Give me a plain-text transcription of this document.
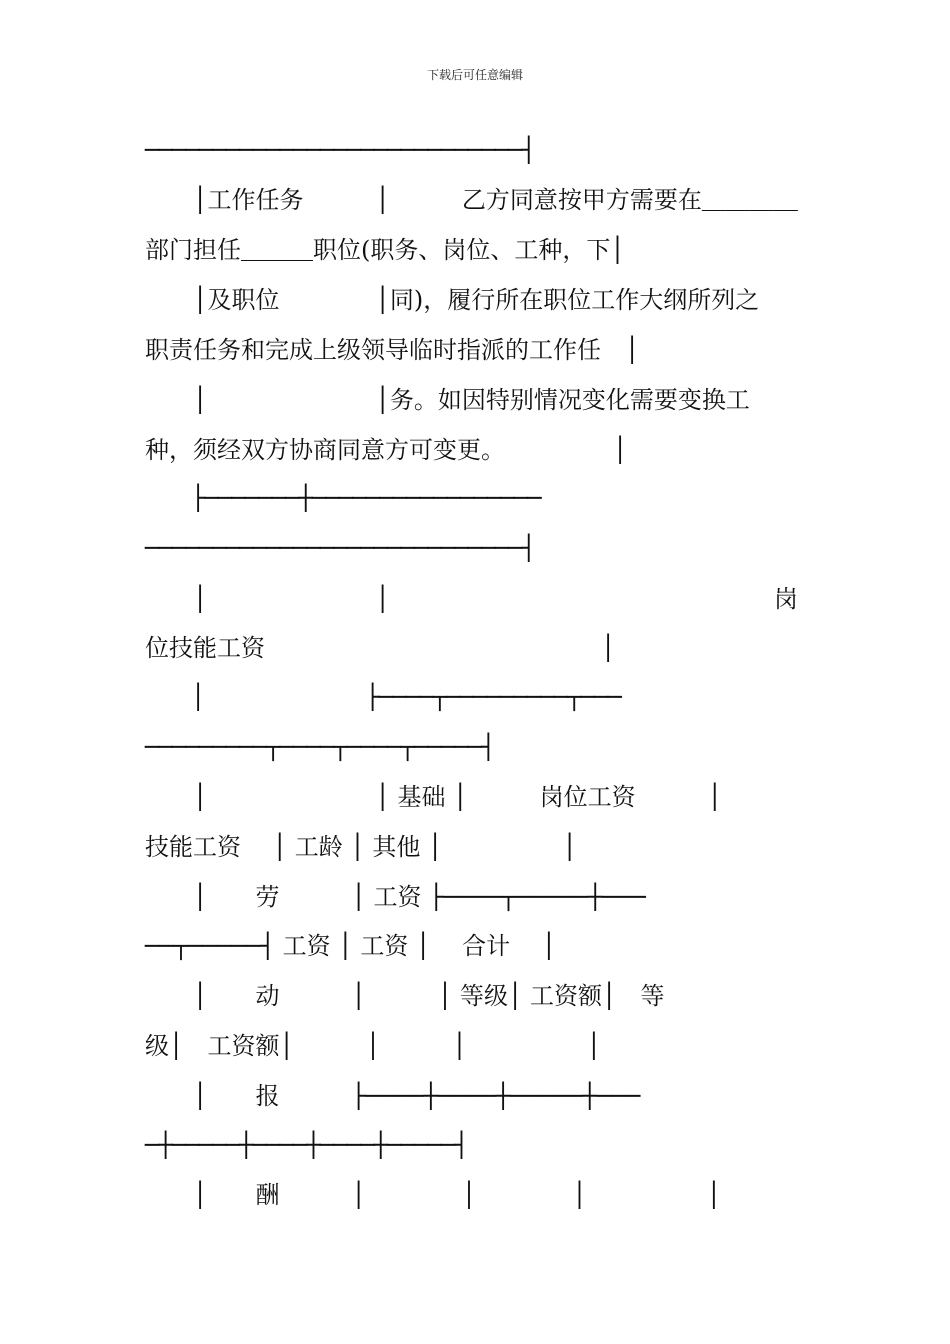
下载后可任意编辑
────────────────────────────┤
　　│工作任务　　　│　　　乙方同意按甲方需要在＿＿＿＿
部门担任＿＿＿职位(职务、岗位、工种，下│
　　│及职位　　　　│同)，履行所在职位工作大纲所列之
职责任务和完成上级领导临时指派的工作任　│
　　│　　　　　　　│务。如因特别情况变化需要变换工
种，须经双方协商同意方可变更。　　　　　│
　　├───────┼─────────────────
────────────────────────────┤
　　│　　　　　　　│　　　　　　　　　　　　　　　　岗
位技能工资　　　　　　　　　　　　　　│
　　│　　　　　　　├────┬─────────┬───
─────────┬────┬────┬─────┤
　　│　　　　　　　│ 基础 │　　　岗位工资　　　│
技能工资　 │ 工龄 │ 其他 │　　　　　│
　　│　　劳　　　│ 工资 ├────┬─────┼───
──┬─────┤ 工资 │ 工资 │　 合计　 │
　　│　　动　　　│　　　│ 等级│ 工资额│　等
级│　工资额│　　　│　　　│　　　　　│
　　│　　报　　　├────┼────┼─────┼───
─┼─────┼────┼────┼─────┤
　　│　　酬　　　│　　　　│　　　　│　　　　　│
